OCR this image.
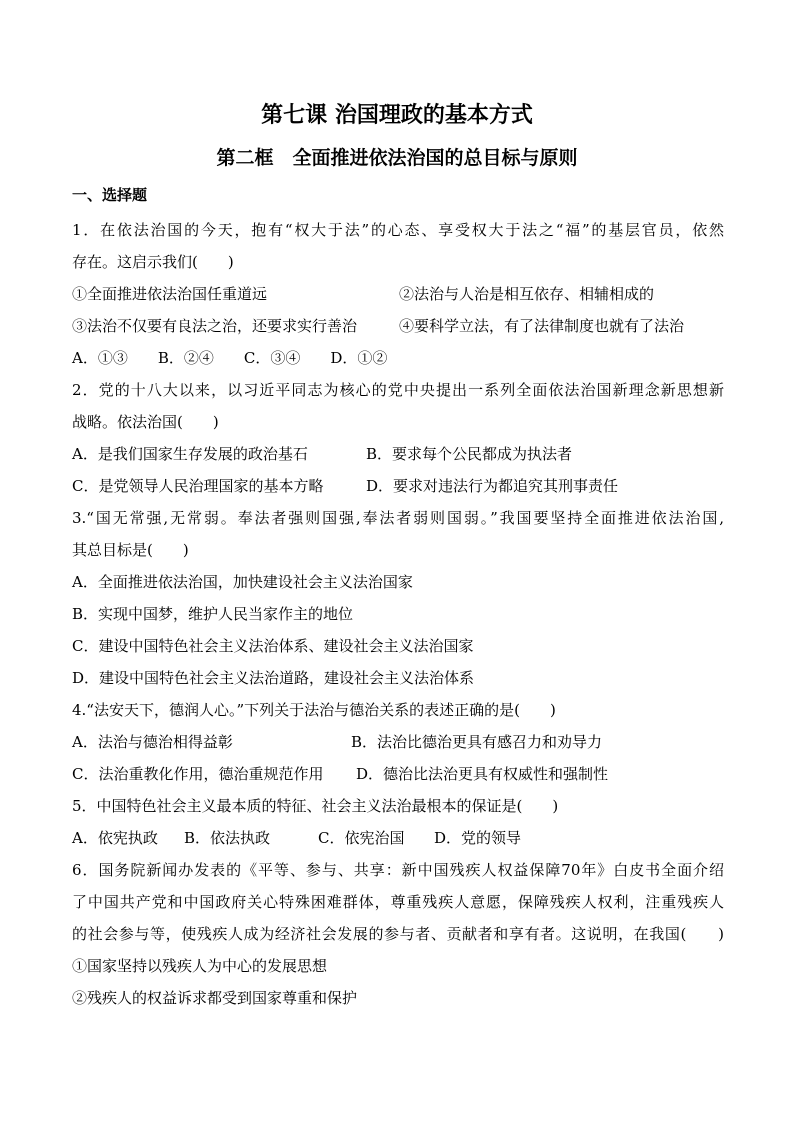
第七课 治国理政的基本方式
第二框　全面推进依法治国的总目标与原则
一、选择题
1．在依法治国的今天，抱有“权大于法”的心态、享受权大于法之“福”的基层官员，依然
存在。这启示我们(　　)
①全面推进依法治国任重道远	②法治与人治是相互依存、相辅相成的
③法治不仅要有良法之治，还要求实行善治	④要科学立法，有了法律制度也就有了法治
A．①③　　B．②④　　C．③④　　D．①②
2．党的十八大以来，以习近平同志为核心的党中央提出一系列全面依法治国新理念新思想新
战略。依法治国(　　)
A．是我们国家生存发展的政治基石	B．要求每个公民都成为执法者
C．是党领导人民治理国家的基本方略	D．要求对违法行为都追究其刑事责任
3.“国无常强,无常弱。奉法者强则国强,奉法者弱则国弱。”我国要坚持全面推进依法治国,
其总目标是(　　)
A．全面推进依法治国，加快建设社会主义法治国家
B．实现中国梦，维护人民当家作主的地位
C．建设中国特色社会主义法治体系、建设社会主义法治国家
D．建设中国特色社会主义法治道路，建设社会主义法治体系
4.“法安天下，德润人心。”下列关于法治与德治关系的表述正确的是(　　)
A．法治与德治相得益彰	B．法治比德治更具有感召力和劝导力
C．法治重教化作用，德治重规范作用 D．德治比法治更具有权威性和强制性
5．中国特色社会主义最本质的特征、社会主义法治最根本的保证是(　　)
A．依宪执政 B．依法执政	C．依宪治国 D．党的领导
6．国务院新闻办发表的《平等、参与、共享：新中国残疾人权益保障70年》白皮书全面介绍
了中国共产党和中国政府关心特殊困难群体，尊重残疾人意愿，保障残疾人权利，注重残疾人
的社会参与等，使残疾人成为经济社会发展的参与者、贡献者和享有者。这说明，在我国(　　)
①国家坚持以残疾人为中心的发展思想
②残疾人的权益诉求都受到国家尊重和保护
